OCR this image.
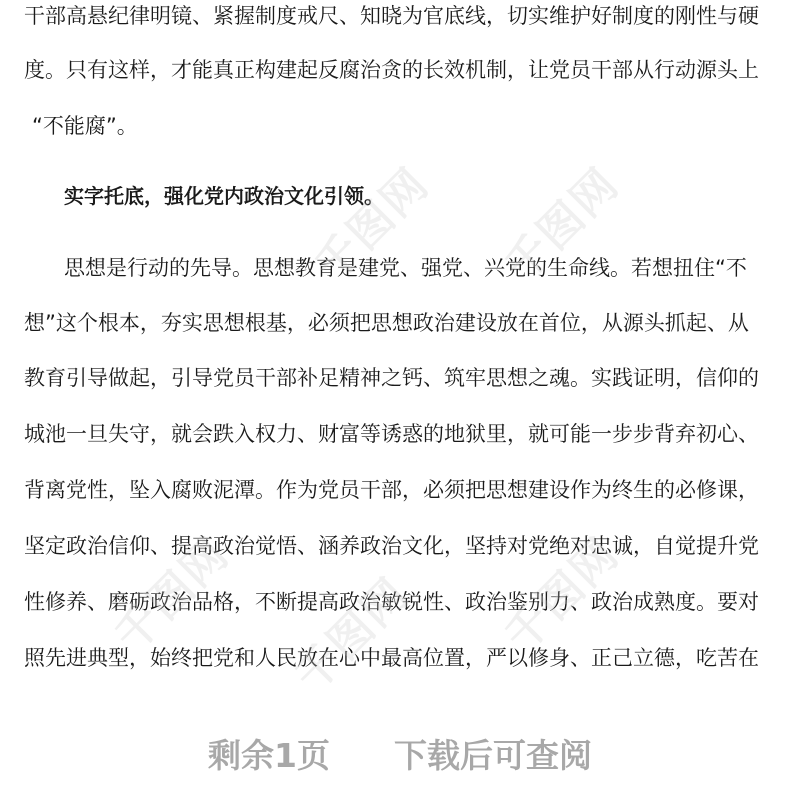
干部高悬纪律明镜、紧握制度戒尺、知晓为官底线，切实维护好制度的刚性与硬
度。只有这样，才能真正构建起反腐治贪的长效机制，让党员干部从行动源头上
“不能腐”。
实字托底，强化党内政治文化引领。
思想是行动的先导。思想教育是建党、强党、兴党的生命线。若想扭住“不
想”这个根本，夯实思想根基，必须把思想政治建设放在首位，从源头抓起、从
教育引导做起，引导党员干部补足精神之钙、筑牢思想之魂。实践证明，信仰的
城池一旦失守，就会跌入权力、财富等诱惑的地狱里，就可能一步步背弃初心、
背离党性，坠入腐败泥潭。作为党员干部，必须把思想建设作为终生的必修课，
坚定政治信仰、提高政治觉悟、涵养政治文化，坚持对党绝对忠诚，自觉提升党
性修养、磨砺政治品格，不断提高政治敏锐性、政治鉴别力、政治成熟度。要对
照先进典型，始终把党和人民放在心中最高位置，严以修身、正己立德，吃苦在
千图网 千图网
千图网 千图网 千图网
剩余1页 下载后可查阅
